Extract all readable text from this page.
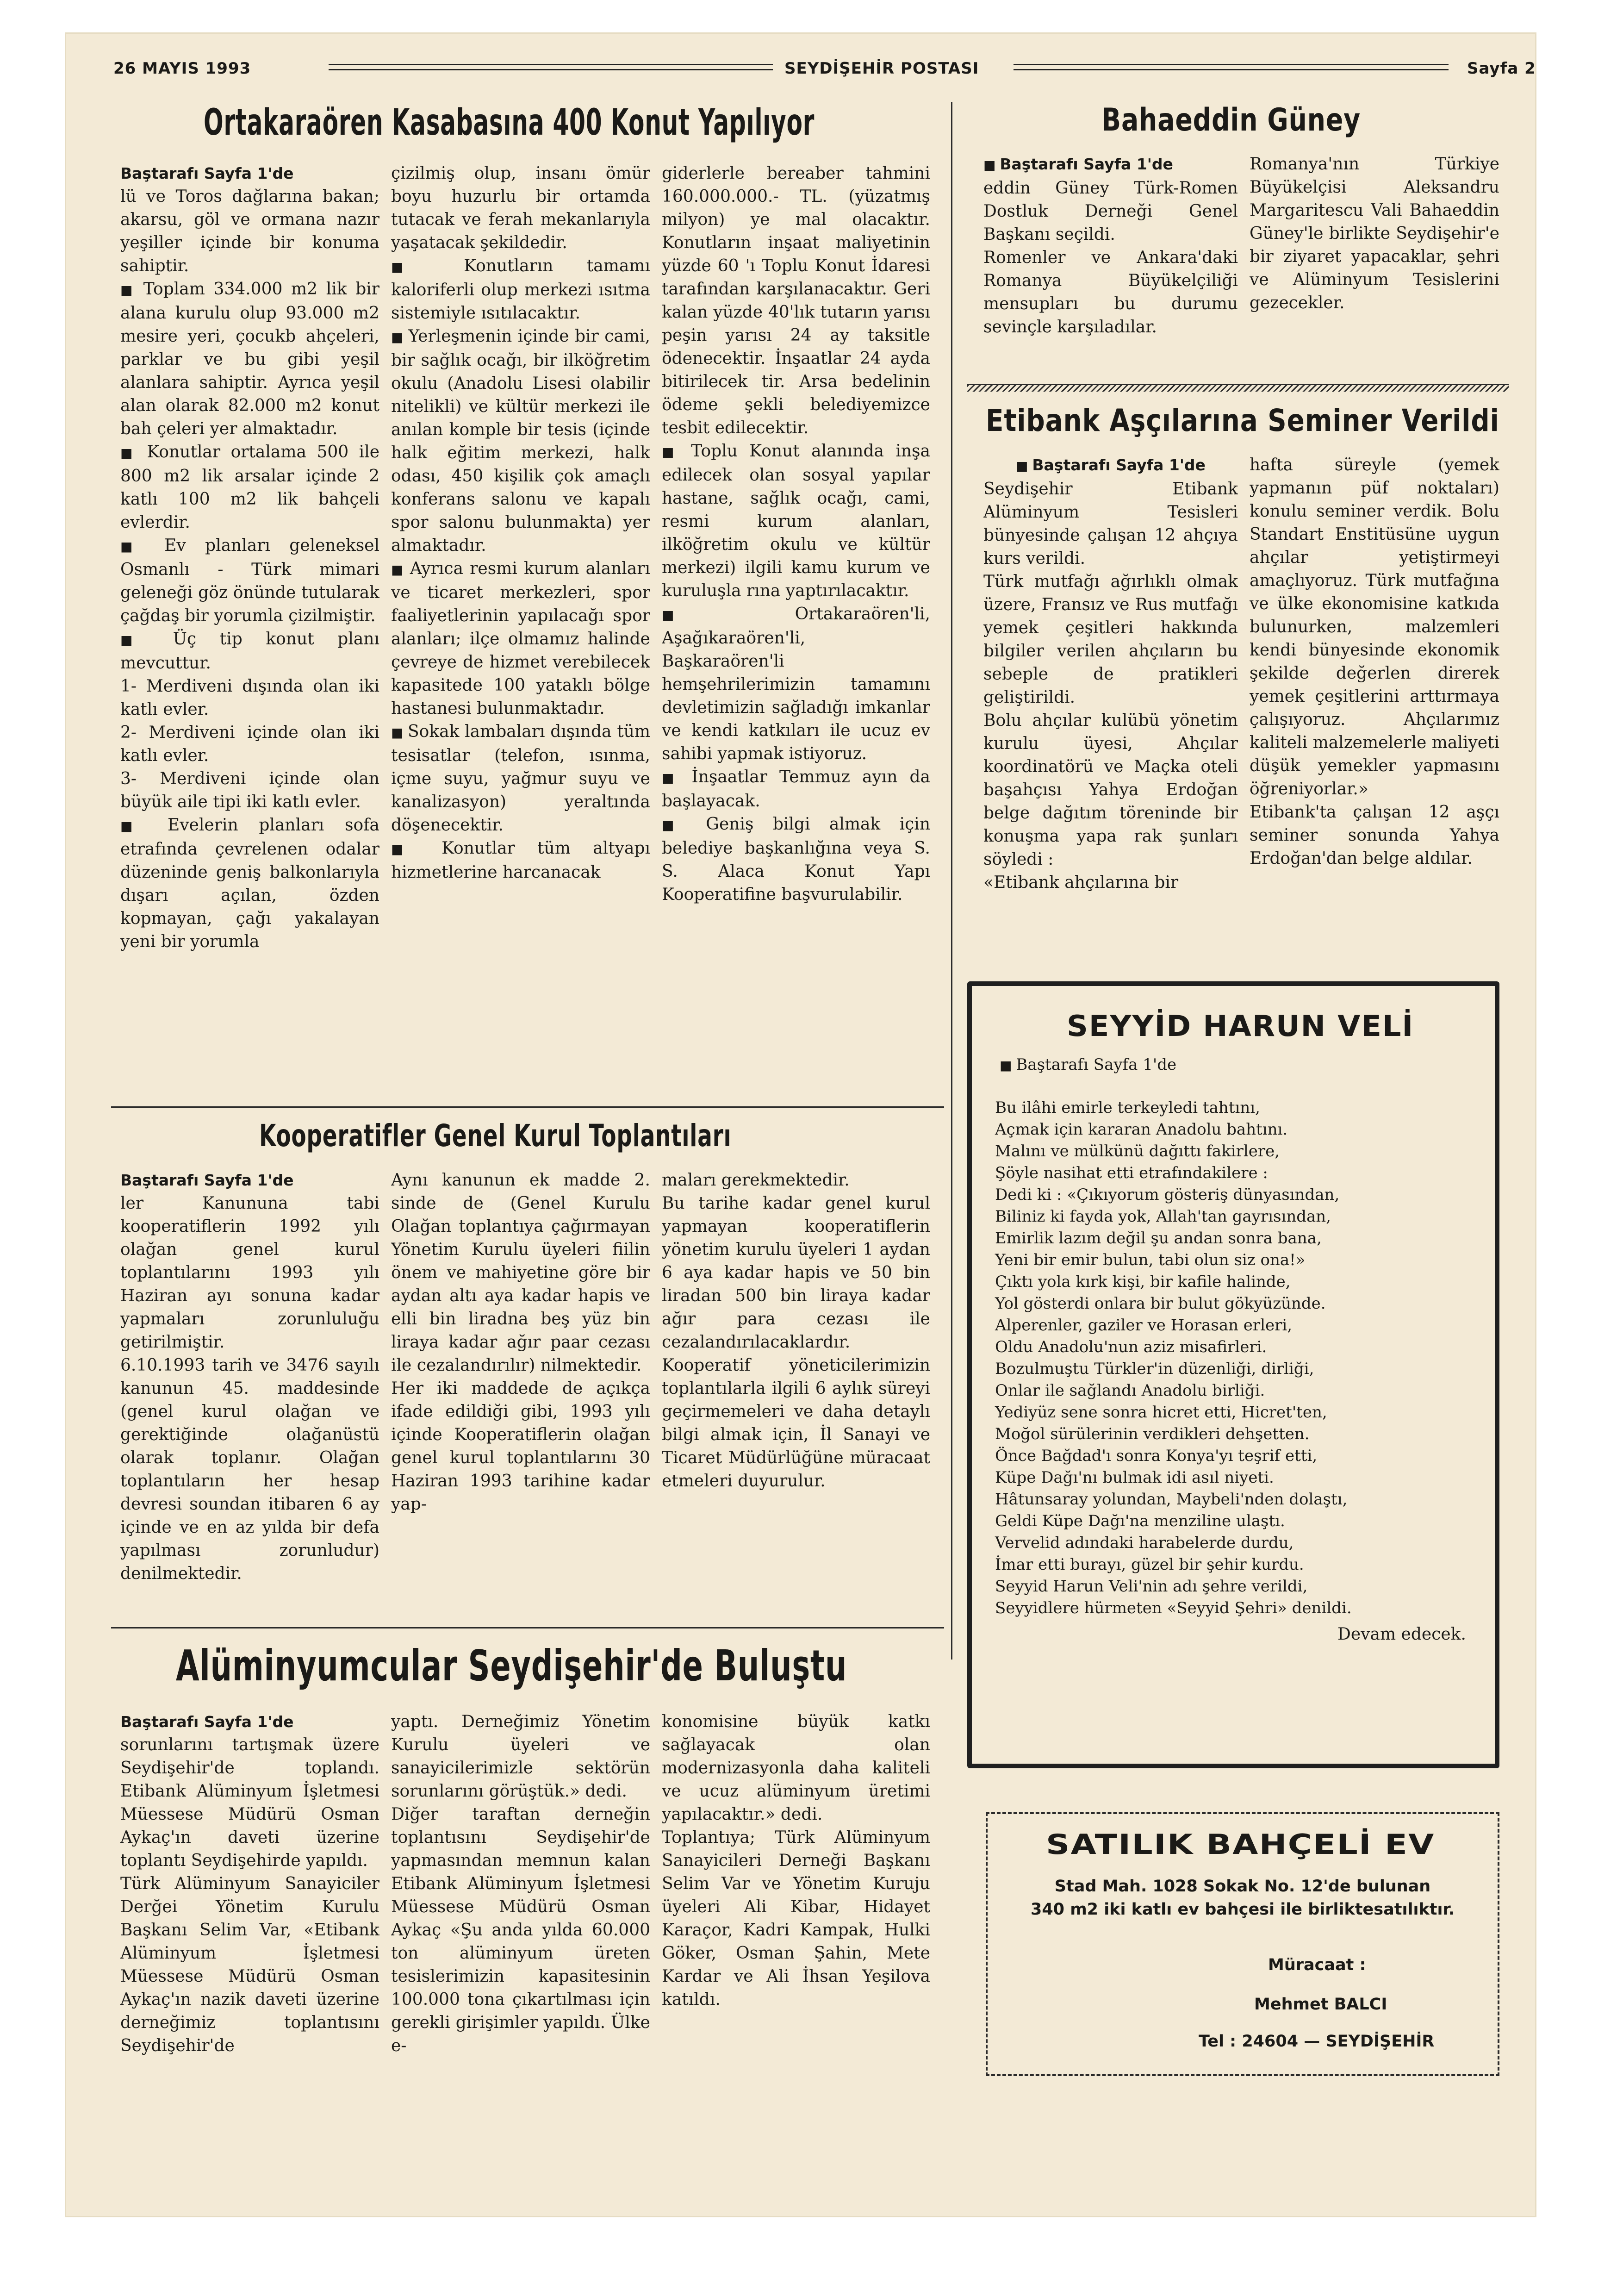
26 MAYIS 1993	SEYDİŞEHİR POSTASI	Sayfa 2
Ortakaraören Kasabasına 400 Konut Yapılıyor

Baştarafı Sayfa 1'de

lü ve Toros dağlarına bakan; akarsu, göl ve ormana nazır yeşiller içinde bir konuma sahiptir.

■ Toplam 334.000 m2 lik bir alana kurulu olup 93.000 m2 mesire yeri, çocukb ahçeleri, parklar ve bu gibi yeşil alanlara sahiptir. Ayrıca yeşil alan olarak 82.000 m2 konut bah çeleri yer almaktadır.

■ Konutlar ortalama 500 ile 800 m2 lik arsalar içinde 2 katlı 100 m2 lik bahçeli evlerdir.

■ Ev planları geleneksel Osmanlı - Türk mimari geleneği göz önünde tutularak çağdaş bir yorumla çizilmiştir.

■ Üç tip konut planı mevcuttur.

1- Merdiveni dışında olan iki katlı evler.

2- Merdiveni içinde olan iki katlı evler.

3- Merdiveni içinde olan büyük aile tipi iki katlı evler.

■ Evelerin planları sofa etrafında çevrelenen odalar düzeninde geniş balkonlarıyla dışarı açılan, özden kopmayan, çağı yakalayan yeni bir yorumla

çizilmiş olup, insanı ömür boyu huzurlu bir ortamda tutacak ve ferah mekanlarıyla yaşatacak şekildedir.

■ Konutların tamamı kaloriferli olup merkezi ısıtma sistemiyle ısıtılacaktır.

■ Yerleşmenin içinde bir cami, bir sağlık ocağı, bir ilköğretim okulu (Anadolu Lisesi olabilir nitelikli) ve kültür merkezi ile anılan komple bir tesis (içinde halk eğitim merkezi, halk odası, 450 kişilik çok amaçlı konferans salonu ve kapalı spor salonu bulunmakta) yer almaktadır.

■ Ayrıca resmi kurum alanları ve ticaret merkezleri, spor faaliyetlerinin yapılacağı spor alanları; ilçe olmamız halinde çevreye de hizmet verebilecek kapasitede 100 yataklı bölge hastanesi bulunmaktadır.

■ Sokak lambaları dışında tüm tesisatlar (telefon, ısınma, içme suyu, yağmur suyu ve kanalizasyon) yeraltında döşenecektir.

■ Konutlar tüm altyapı hizmetlerine harcanacak

giderlerle bereaber tahmini 160.000.000.- TL. (yüzatmış milyon) ye mal olacaktır. Konutların inşaat maliyetinin yüzde 60 'ı Toplu Konut İdaresi tarafından karşılanacaktır. Geri kalan yüzde 40'lık tutarın yarısı peşin yarısı 24 ay taksitle ödenecektir. İnşaatlar 24 ayda bitirilecek tir. Arsa bedelinin ödeme şekli belediyemizce tesbit edilecektir.

■ Toplu Konut alanında inşa edilecek olan sosyal yapılar hastane, sağlık ocağı, cami, resmi kurum alanları, ilköğretim okulu ve kültür merkezi) ilgili kamu kurum ve kuruluşla rına yaptırılacaktır.

■ Ortakaraören'li, Aşağıkaraören'li, Başkaraören'li hemşehrilerimizin tamamını devletimizin sağladığı imkanlar ve kendi katkıları ile ucuz ev sahibi yapmak istiyoruz.

■ İnşaatlar Temmuz ayın da başlayacak.

■ Geniş bilgi almak için belediye başkanlığına veya S. S. Alaca Konut Yapı Kooperatifine başvurulabilir.

Kooperatifler Genel Kurul Toplantıları

Baştarafı Sayfa 1'de

ler Kanununa tabi kooperatiflerin 1992 yılı olağan genel kurul toplantılarını 1993 yılı Haziran ayı sonuna kadar yapmaları zorunluluğu getirilmiştir.

6.10.1993 tarih ve 3476 sayılı kanunun 45. maddesinde (genel kurul olağan ve gerektiğinde olağanüstü olarak toplanır. Olağan toplantıların her hesap devresi soundan itibaren 6 ay içinde ve en az yılda bir defa yapılması zorunludur) denilmektedir.

Aynı kanunun ek madde 2. sinde de (Genel Kurulu Olağan toplantıya çağırmayan Yönetim Kurulu üyeleri fiilin önem ve mahiyetine göre bir aydan altı aya kadar hapis ve elli bin liradna beş yüz bin liraya kadar ağır paar cezası ile cezalandırılır) nilmektedir.

Her iki maddede de açıkça ifade edildiği gibi, 1993 yılı içinde Kooperatiflerin olağan genel kurul toplantılarını 30 Haziran 1993 tarihine kadar yap-

maları gerekmektedir.

Bu tarihe kadar genel kurul yapmayan kooperatiflerin yönetim kurulu üyeleri 1 aydan 6 aya kadar hapis ve 50 bin liradan 500 bin liraya kadar ağır para cezası ile cezalandırılacaklardır.

Kooperatif yöneticilerimizin toplantılarla ilgili 6 aylık süreyi geçirmemeleri ve daha detaylı bilgi almak için, İl Sanayi ve Ticaret Müdürlüğüne müracaat etmeleri duyurulur.

Alüminyumcular Seydişehir'de Buluştu

Baştarafı Sayfa 1'de

sorunlarını tartışmak üzere Seydişehir'de toplandı. Etibank Alüminyum İşletmesi Müessese Müdürü Osman Aykaç'ın daveti üzerine toplantı Seydişehirde yapıldı.

Türk Alüminyum Sanayiciler Derğei Yönetim Kurulu Başkanı Selim Var, «Etibank Alüminyum İşletmesi Müessese Müdürü Osman Aykaç'ın nazik daveti üzerine derneğimiz toplantısını Seydişehir'de

yaptı. Derneğimiz Yönetim Kurulu üyeleri ve sanayicilerimizle sektörün sorunlarını görüştük.» dedi.

Diğer taraftan derneğin toplantısını Seydişehir'de yapmasından memnun kalan Etibank Alüminyum İşletmesi Müessese Müdürü Osman Aykaç «Şu anda yılda 60.000 ton alüminyum üreten tesislerimizin kapasitesinin 100.000 tona çıkartılması için gerekli girişimler yapıldı. Ülke e-

konomisine büyük katkı sağlayacak olan modernizasyonla daha kaliteli ve ucuz alüminyum üretimi yapılacaktır.» dedi.

Toplantıya; Türk Alüminyum Sanayicileri Derneği Başkanı Selim Var ve Yönetim Kuruju üyeleri Ali Kibar, Hidayet Karaçor, Kadri Kampak, Hulki Göker, Osman Şahin, Mete Kardar ve Ali İhsan Yeşilova katıldı.

Bahaeddin Güney

■ Baştarafı Sayfa 1'de

eddin Güney Türk-Romen Dostluk Derneği Genel Başkanı seçildi.

Romenler ve Ankara'daki Romanya Büyükelçiliği mensupları bu durumu sevinçle karşıladılar.

Romanya'nın Türkiye Büyükelçisi Aleksandru Margaritescu Vali Bahaeddin Güney'le birlikte Seydişehir'e bir ziyaret yapacaklar, şehri ve Alüminyum Tesislerini gezecekler.

Etibank Aşçılarına Seminer Verildi

■ Baştarafı Sayfa 1'de

Seydişehir Etibank Alüminyum Tesisleri bünyesinde çalışan 12 ahçıya kurs verildi.

Türk mutfağı ağırlıklı olmak üzere, Fransız ve Rus mutfağı yemek çeşitleri hakkında bilgiler verilen ahçıların bu sebeple de pratikleri geliştirildi.

Bolu ahçılar kulübü yönetim kurulu üyesi, Ahçılar koordinatörü ve Maçka oteli başahçısı Yahya Erdoğan belge dağıtım töreninde bir konuşma yapa rak şunları söyledi :

«Etibank ahçılarına bir

hafta süreyle (yemek yapmanın püf noktaları) konulu seminer verdik. Bolu Standart Enstitüsüne uygun ahçılar yetiştirmeyi amaçlıyoruz. Türk mutfağına ve ülke ekonomisine katkıda bulunurken, malzemleri kendi bünyesinde ekonomik şekilde değerlen direrek yemek çeşitlerini arttırmaya çalışıyoruz. Ahçılarımız kaliteli malzemelerle maliyeti düşük yemekler yapmasını öğreniyorlar.»

Etibank'ta çalışan 12 aşçı seminer sonunda Yahya Erdoğan'dan belge aldılar.

SEYYİD HARUN VELİ
■ Baştarafı Sayfa 1'de

Bu ilâhi emirle terkeyledi tahtını,

Açmak için kararan Anadolu bahtını.

Malını ve mülkünü dağıttı fakirlere,

Şöyle nasihat etti etrafındakilere :

Dedi ki : «Çıkıyorum gösteriş dünyasından,

Biliniz ki fayda yok, Allah'tan gayrısından,

Emirlik lazım değil şu andan sonra bana,

Yeni bir emir bulun, tabi olun siz ona!»

Çıktı yola kırk kişi, bir kafile halinde,

Yol gösterdi onlara bir bulut gökyüzünde.

Alperenler, gaziler ve Horasan erleri,

Oldu Anadolu'nun aziz misafirleri.

Bozulmuştu Türkler'in düzenliği, dirliği,

Onlar ile sağlandı Anadolu birliği.

Yediyüz sene sonra hicret etti, Hicret'ten,

Moğol sürülerinin verdikleri dehşetten.

Önce Bağdad'ı sonra Konya'yı teşrif etti,

Küpe Dağı'nı bulmak idi asıl niyeti.

Hâtunsaray yolundan, Maybeli'nden dolaştı,

Geldi Küpe Dağı'na menziline ulaştı.

Vervelid adındaki harabelerde durdu,

İmar etti burayı, güzel bir şehir kurdu.

Seyyid Harun Veli'nin adı şehre verildi,

Seyyidlere hürmeten «Seyyid Şehri» denildi.

Devam edecek.
SATILIK BAHÇELİ EV
Stad Mah. 1028 Sokak No. 12'de bulunan
340 m2 iki katlı ev bahçesi ile birliktesatılıktır.
Müracaat :
Mehmet BALCI
Tel : 24604 — SEYDİŞEHİR
